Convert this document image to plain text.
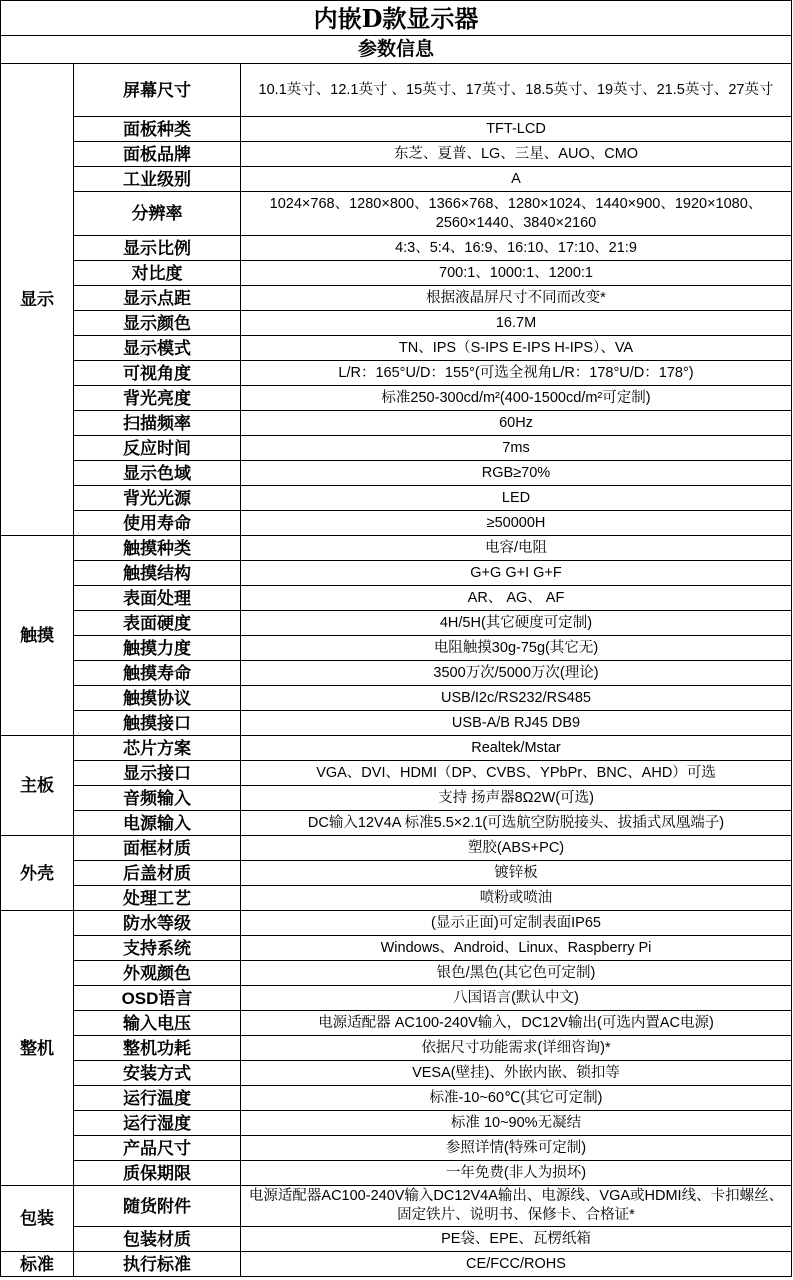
内嵌D款显示器		
参数信息		
显示	屏幕尺寸	10.1英寸、12.1英寸 、15英寸、17英寸、18.5英寸、19英寸、21.5英寸、27英寸
	面板种类	TFT-LCD
	面板品牌	东芝、夏普、LG、三星、AUO、CMO
	工业级别	A
	分辨率	1024×768、1280×800、1366×768、1280×1024、1440×900、1920×1080、2560×1440、3840×2160
	显示比例	4:3、5:4、16:9、16:10、17:10、21:9
	对比度	700:1、1000:1、1200:1
	显示点距	根据液晶屏尺寸不同而改变*
	显示颜色	16.7M
	显示模式	TN、IPS（S-IPS E-IPS H-IPS）、VA
	可视角度	L/R：165°U/D：155°(可选全视角L/R：178°U/D：178°)
	背光亮度	标准250-300cd/m²(400-1500cd/m²可定制)
	扫描频率	60Hz
	反应时间	7ms
	显示色域	RGB≥70%
	背光光源	LED
	使用寿命	≥50000H
触摸	触摸种类	电容/电阻
	触摸结构	G+G G+I G+F
	表面处理	AR、 AG、 AF
	表面硬度	4H/5H(其它硬度可定制)
	触摸力度	电阻触摸30g-75g(其它无)
	触摸寿命	3500万次/5000万次(理论)
	触摸协议	USB/I2c/RS232/RS485
	触摸接口	USB-A/B RJ45 DB9
主板	芯片方案	Realtek/Mstar
	显示接口	VGA、DVI、HDMI（DP、CVBS、YPbPr、BNC、AHD）可选
	音频输入	支持 扬声器8Ω2W(可选)
	电源输入	DC输入12V4A 标准5.5×2.1(可选航空防脱接头、拔插式凤凰端子)
外壳	面框材质	塑胶(ABS+PC)
	后盖材质	镀锌板
	处理工艺	喷粉或喷油
整机	防水等级	(显示正面)可定制表面IP65
	支持系统	Windows、Android、Linux、Raspberry Pi
	外观颜色	银色/黑色(其它色可定制)
	OSD语言	八国语言(默认中文)
	输入电压	电源适配器 AC100-240V输入，DC12V输出(可选内置AC电源)
	整机功耗	依据尺寸功能需求(详细咨询)*
	安装方式	VESA(壁挂)、外嵌内嵌、锁扣等
	运行温度	标准-10~60℃(其它可定制)
	运行湿度	标准 10~90%无凝结
	产品尺寸	参照详情(特殊可定制)
	质保期限	一年免费(非人为损坏)
包装	随货附件	电源适配器AC100-240V输入DC12V4A输出、电源线、VGA或HDMI线、卡扣螺丝、固定铁片、说明书、保修卡、合格证*
	包装材质	PE袋、EPE、瓦楞纸箱
标准	执行标准	CE/FCC/ROHS
